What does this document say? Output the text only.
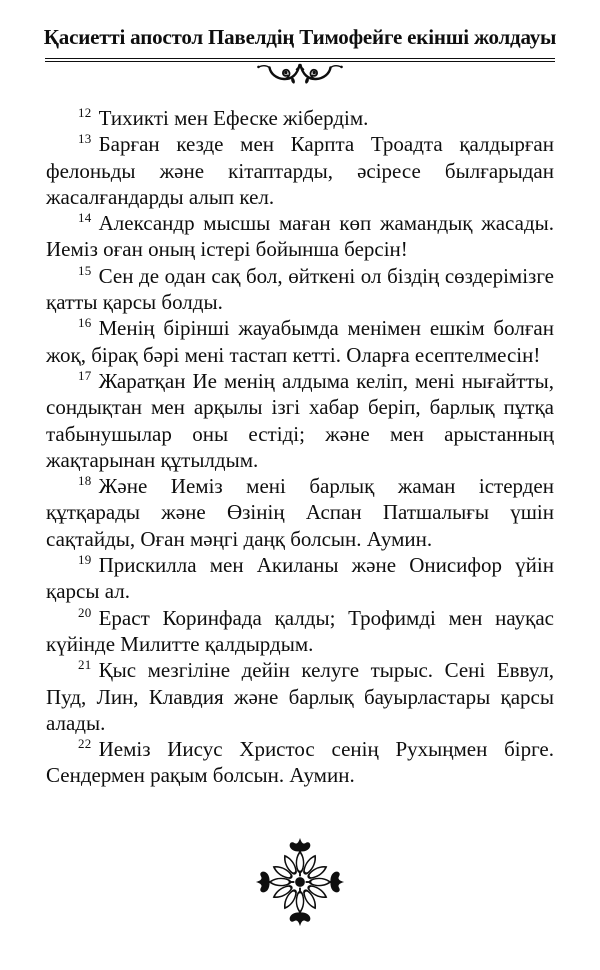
Қасиетті апостол Павелдің Тимофейге екінші жолдауы

$^{12}$ Тихикті мен Ефеске жібердім.

$^{13}$ Барған кезде мен Карпта Троадта қалдырған фелоньды және кітаптарды, әсіресе былғарыдан жасалғандарды алып кел.

$^{14}$ Александр мысшы маған көп жамандық жасады. Иеміз оған оның істері бойынша берсін!

$^{15}$ Сен де одан сақ бол, өйткені ол біздің сөздерімізге қатты қарсы болды.

$^{16}$ Менің бірінші жауабымда менімен ешкім болған жоқ, бірақ бәрі мені тастап кетті. Оларға есептелмесін!

$^{17}$ Жаратқан Ие менің алдыма келіп, мені нығайтты, сондықтан мен арқылы ізгі хабар беріп, барлық пұтқа табынушылар оны естіді; және мен арыстанның жақтарынан құтылдым.

$^{18}$ Және Иеміз мені барлық жаман істерден құтқарады және Өзінің Аспан Патшалығы үшін сақтайды, Оған мәңгі даңқ болсын. Аумин.

$^{19}$ Прискилла мен Акиланы және Онисифор үйін қарсы ал.

$^{20}$ Ераст Коринфада қалды; Трофимді мен науқас күйінде Милитте қалдырдым.

$^{21}$ Қыс мезгіліне дейін келуге тырыс. Сені Еввул, Пуд, Лин, Клавдия және барлық бауырластары қарсы алады.

$^{22}$ Иеміз Иисус Христос сенің Рухыңмен бірге. Сендермен рақым болсын. Аумин.
